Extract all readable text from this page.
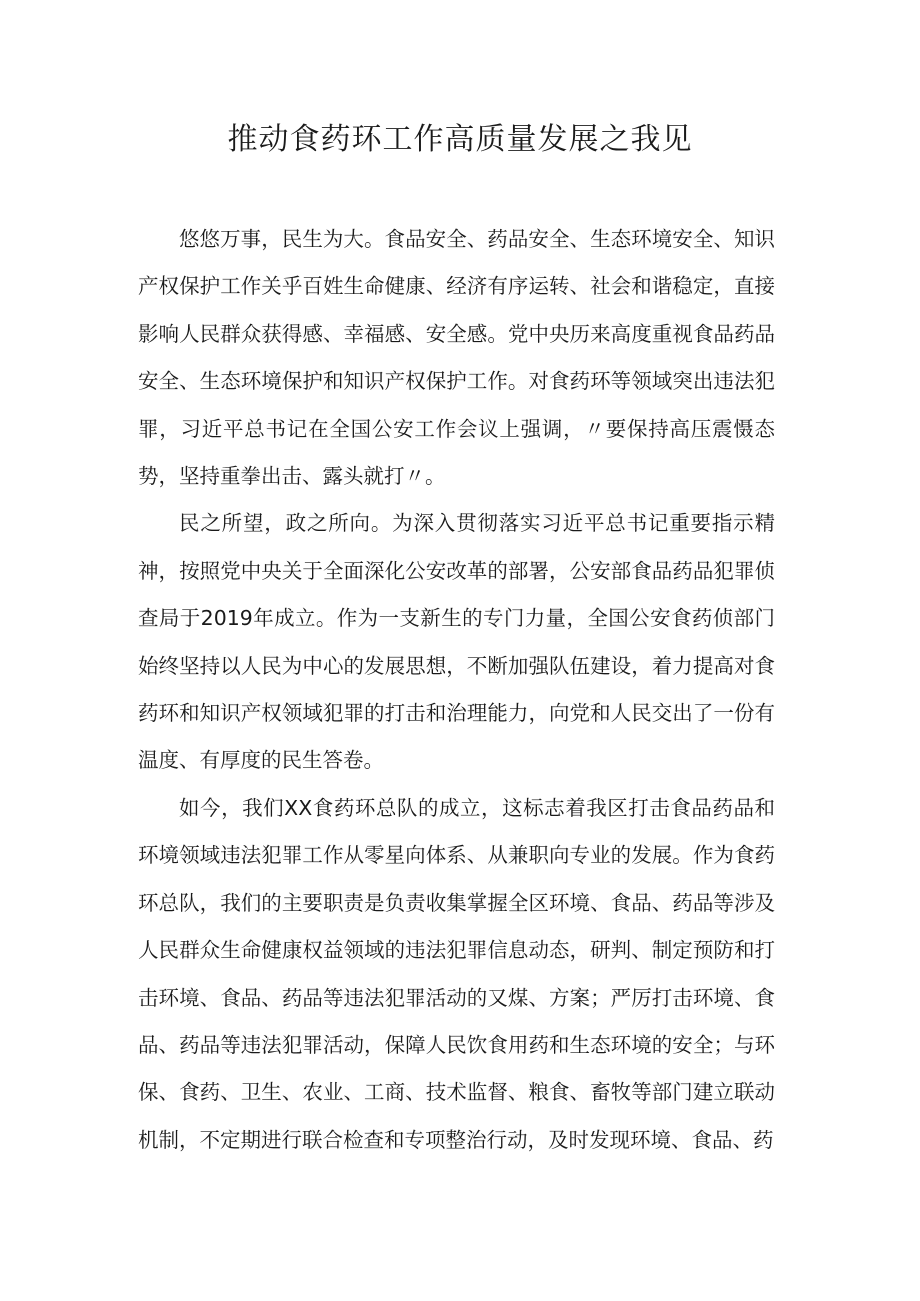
推动食药环工作高质量发展之我见

悠悠万事，民生为大。食品安全、药品安全、生态环境安全、知识产权保护工作关乎百姓生命健康、经济有序运转、社会和谐稳定，直接影响人民群众获得感、幸福感、安全感。党中央历来高度重视食品药品安全、生态环境保护和知识产权保护工作。对食药环等领域突出违法犯罪，习近平总书记在全国公安工作会议上强调，〃要保持高压震慑态势，坚持重拳出击、露头就打〃。

民之所望，政之所向。为深入贯彻落实习近平总书记重要指示精神，按照党中央关于全面深化公安改革的部署，公安部食品药品犯罪侦查局于2019年成立。作为一支新生的专门力量，全国公安食药侦部门始终坚持以人民为中心的发展思想，不断加强队伍建设，着力提高对食药环和知识产权领域犯罪的打击和治理能力，向党和人民交出了一份有温度、有厚度的民生答卷。

如今，我们XX食药环总队的成立，这标志着我区打击食品药品和环境领域违法犯罪工作从零星向体系、从兼职向专业的发展。作为食药环总队，我们的主要职责是负责收集掌握全区环境、食品、药品等涉及人民群众生命健康权益领域的违法犯罪信息动态，研判、制定预防和打击环境、食品、药品等违法犯罪活动的又煤、方案；严厉打击环境、食品、药品等违法犯罪活动，保障人民饮食用药和生态环境的安全；与环保、食药、卫生、农业、工商、技术监督、粮食、畜牧等部门建立联动机制，不定期进行联合检查和专项整治行动，及时发现环境、食品、药
